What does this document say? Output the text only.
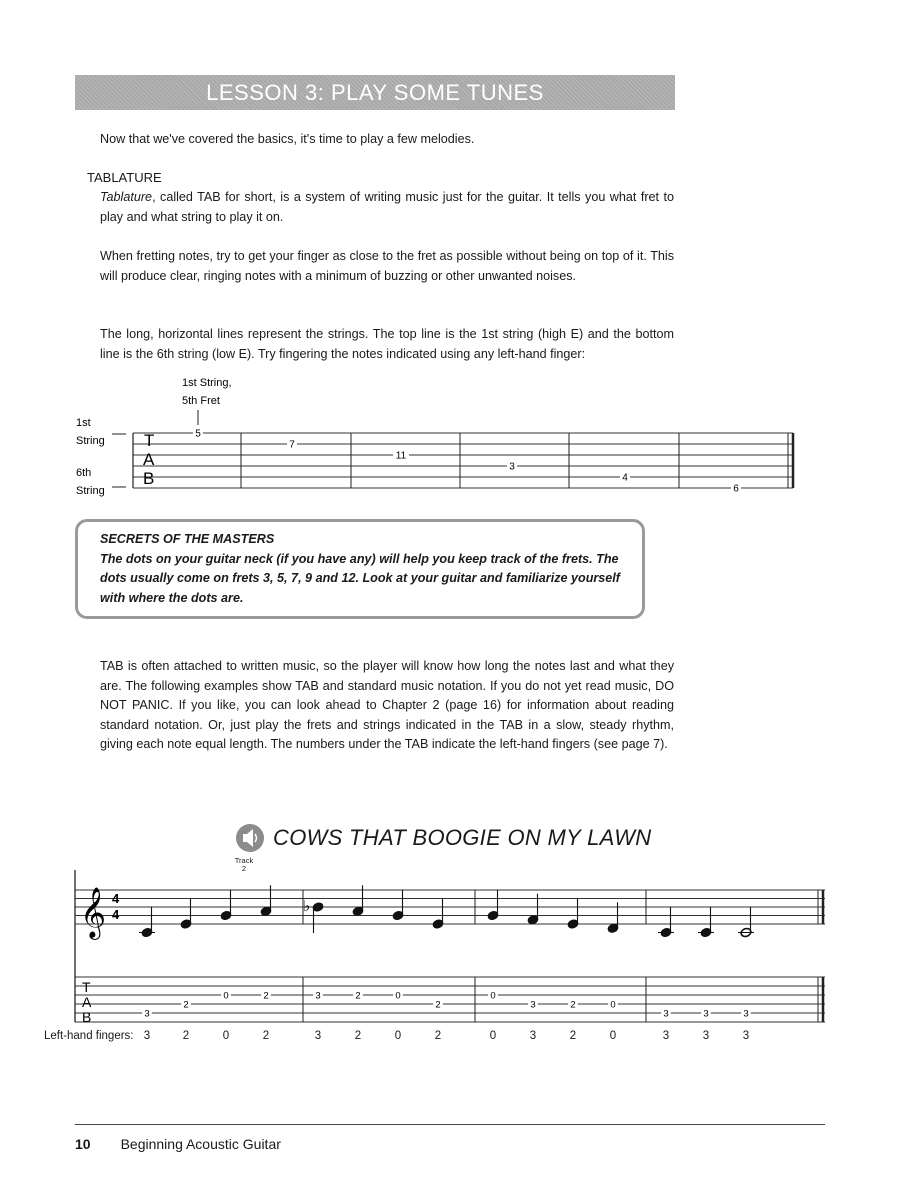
LESSON 3: PLAY SOME TUNES
Now that we've covered the basics, it's time to play a few melodies.
TABLATURE
Tablature, called TAB for short, is a system of writing music just for the guitar. It tells you what fret to play and what string to play it on.
When fretting notes, try to get your finger as close to the fret as possible without being on top of it. This will produce clear, ringing notes with a minimum of buzzing or other unwanted noises.
The long, horizontal lines represent the strings. The top line is the 1st string (high E) and the bottom line is the 6th string (low E). Try fingering the notes indicated using any left-hand finger:
1st String,
5th Fret
1st
String
6th
String
T
A
B
5
7
11
3
4
6
SECRETS OF THE MASTERS
The dots on your guitar neck (if you have any) will help you keep track of the frets. The dots usually come on frets 3, 5, 7, 9 and 12. Look at your guitar and familiarize yourself with where the dots are.
TAB is often attached to written music, so the player will know how long the notes last and what they are. The following examples show TAB and standard music notation. If you do not yet read music, DO NOT PANIC. If you like, you can look ahead to Chapter 2 (page 16) for information about reading standard notation. Or, just play the frets and strings indicated in the TAB in a slow, steady rhythm, giving each note equal length. The numbers under the TAB indicate the left-hand fingers (see page 7).
COWS THAT BOOGIE ON MY LAWN
Track
2
𝄞 4
4
T
A
B
♭
3
2
0	2	3	2	0
2
0
3	2	0
3	3	3
Left-hand fingers: 3	2	0	2	3	2	0	2	0	3	2	0	3	3	3
10 Beginning Acoustic Guitar
